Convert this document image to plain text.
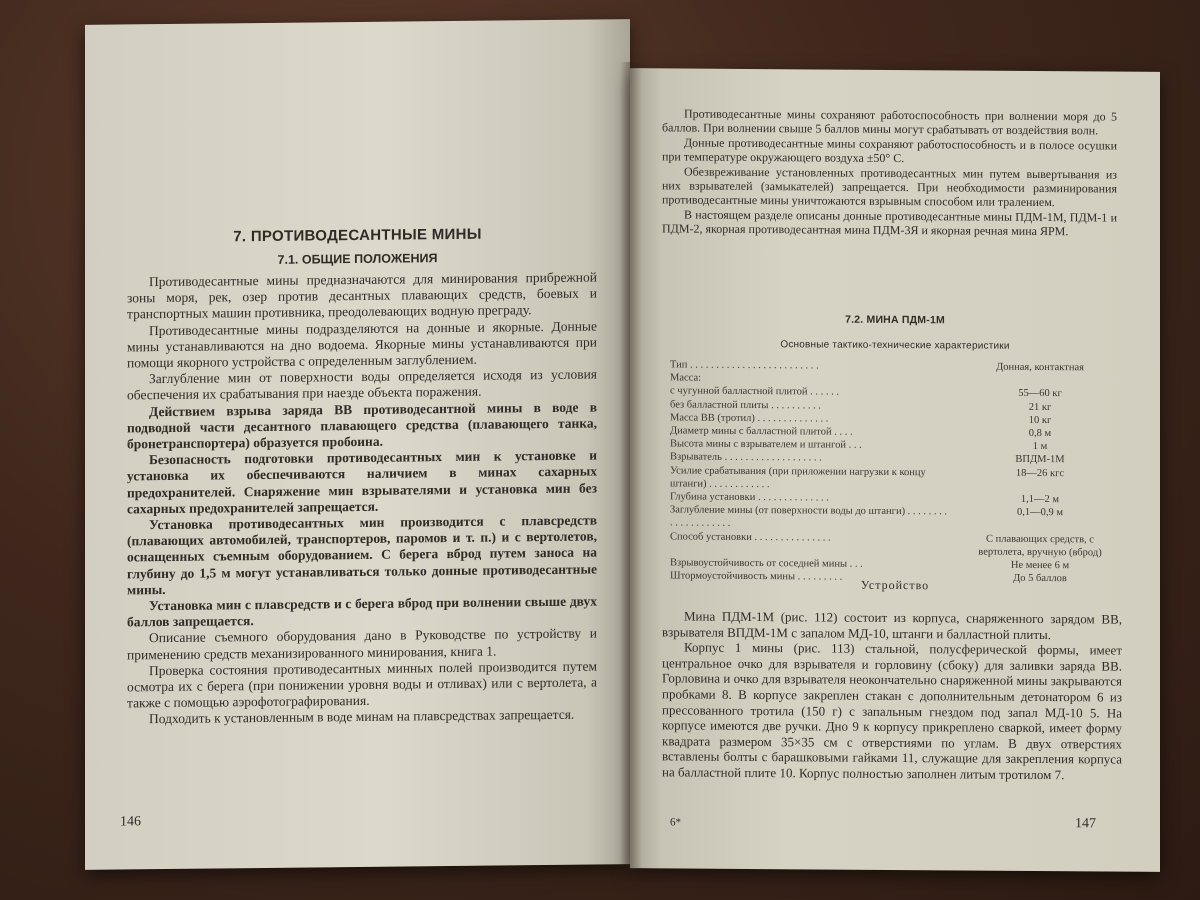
7. ПРОТИВОДЕСАНТНЫЕ МИНЫ
7.1. ОБЩИЕ ПОЛОЖЕНИЯ

Противодесантные мины предназначаются для минирования прибрежной зоны моря, рек, озер против десантных плавающих средств, боевых и транспортных машин противника, преодолевающих водную преграду.

Противодесантные мины подразделяются на донные и якорные. Донные мины устанавливаются на дно водоема. Якорные мины устанавливаются при помощи якорного устройства с определенным заглублением.

Заглубление мин от поверхности воды определяется исходя из условия обеспечения их срабатывания при наезде объекта поражения.

Действием взрыва заряда ВВ противодесантной мины в воде в подводной части десантного плавающего средства (плавающего танка, бронетранспортера) образуется пробоина.

Безопасность подготовки противодесантных мин к установке и установка их обеспечиваются наличием в минах сахарных предохранителей. Снаряжение мин взрывателями и установка мин без сахарных предохранителей запрещается.

Установка противодесантных мин производится с плавсредств (плавающих автомобилей, транспортеров, паромов и т. п.) и с вертолетов, оснащенных съемным оборудованием. С берега вброд путем заноса на глубину до 1,5 м могут устанавливаться только донные противодесантные мины.

Установка мин с плавсредств и с берега вброд при волнении свыше двух баллов запрещается.

Описание съемного оборудования дано в Руководстве по устройству и применению средств механизированного минирования, книга 1.

Проверка состояния противодесантных минных полей производится путем осмотра их с берега (при понижении уровня воды и отливах) или с вертолета, а также с помощью аэрофотографирования.

Подходить к установленным в воде минам на плавсредствах запрещается.

146

Противодесантные мины сохраняют работоспособность при волнении моря до 5 баллов. При волнении свыше 5 баллов мины могут срабатывать от воздействия волн.

Донные противодесантные мины сохраняют работоспособность и в полосе осушки при температуре окружающего воздуха ±50° С.

Обезвреживание установленных противодесантных мин путем вывертывания из них взрывателей (замыкателей) запрещается. При необходимости разминирования противодесантные мины уничтожаются взрывным способом или тралением.

В настоящем разделе описаны донные противодесантные мины ПДМ-1М, ПДМ-1 и ПДМ-2, якорная противодесантная мина ПДМ-3Я и якорная речная мина ЯРМ.

7.2. МИНА ПДМ-1М
Основные тактико-технические характеристики
Тип . . . . . . . . . . . . . . . . . . . . . . . . .	Донная, контактная
Масса:
с чугунной балластной плитой . . . . . .	55—60 кг
без балластной плиты . . . . . . . . . .	21 кг
Масса ВВ (тротил) . . . . . . . . . . . . . .	10 кг
Диаметр мины с балластной плитой . . . .	0,8 м
Высота мины с взрывателем и штангой . . .	1 м
Взрыватель . . . . . . . . . . . . . . . . . . .	ВПДМ-1М
Усилие срабатывания (при приложении нагрузки к концу штанги) . . . . . . . . . . . .
18—26 кгс
Глубина установки . . . . . . . . . . . . . .	1,1—2 м
Заглубление мины (от поверхности воды до штанги) . . . . . . . . . . . . . . . . . . . .
0,1—0,9 м
Способ установки . . . . . . . . . . . . . . .	С плавающих средств, с вертолета, вручную (вброд)
Взрывоустойчивость от соседней мины . . .	Не менее 6 м
Штормоустойчивость мины . . . . . . . . .	До 5 баллов
Устройство

Мина ПДМ-1М (рис. 112) состоит из корпуса, снаряженного зарядом ВВ, взрывателя ВПДМ-1М с запалом МД-10, штанги и балластной плиты.

Корпус 1 мины (рис. 113) стальной, полусферической формы, имеет центральное очко для взрывателя и горловину (сбоку) для заливки заряда ВВ. Горловина и очко для взрывателя неокончательно снаряженной мины закрываются пробками 8. В корпусе закреплен стакан с дополнительным детонатором 6 из прессованного тротила (150 г) с запальным гнездом под запал МД-10 5. На корпусе имеются две ручки. Дно 9 к корпусу прикреплено сваркой, имеет форму квадрата размером 35×35 см с отверстиями по углам. В двух отверстиях вставлены болты с барашковыми гайками 11, служащие для закрепления корпуса на балластной плите 10. Корпус полностью заполнен литым тротилом 7.

6*	147
